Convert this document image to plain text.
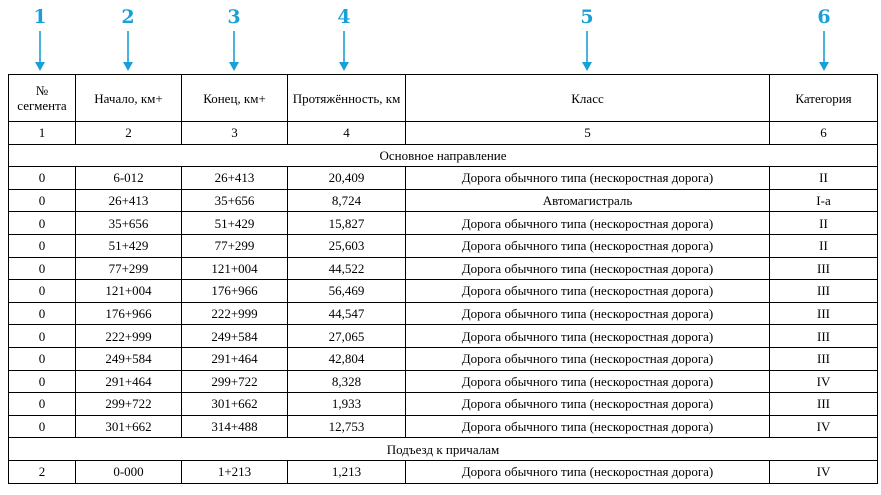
1	2	3	4	5	6
№ сегмента	Начало, км+	Конец, км+	Протяжённость, км	Класс	Категория
1	2	3	4	5	6
Основное направление					
0	6-012	26+413	20,409	Дорога обычного типа (нескоростная дорога)	II
0	26+413	35+656	8,724	Автомагистраль	I-a
0	35+656	51+429	15,827	Дорога обычного типа (нескоростная дорога)	II
0	51+429	77+299	25,603	Дорога обычного типа (нескоростная дорога)	II
0	77+299	121+004	44,522	Дорога обычного типа (нескоростная дорога)	III
0	121+004	176+966	56,469	Дорога обычного типа (нескоростная дорога)	III
0	176+966	222+999	44,547	Дорога обычного типа (нескоростная дорога)	III
0	222+999	249+584	27,065	Дорога обычного типа (нескоростная дорога)	III
0	249+584	291+464	42,804	Дорога обычного типа (нескоростная дорога)	III
0	291+464	299+722	8,328	Дорога обычного типа (нескоростная дорога)	IV
0	299+722	301+662	1,933	Дорога обычного типа (нескоростная дорога)	III
0	301+662	314+488	12,753	Дорога обычного типа (нескоростная дорога)	IV
Подъезд к причалам					
2	0-000	1+213	1,213	Дорога обычного типа (нескоростная дорога)	IV
